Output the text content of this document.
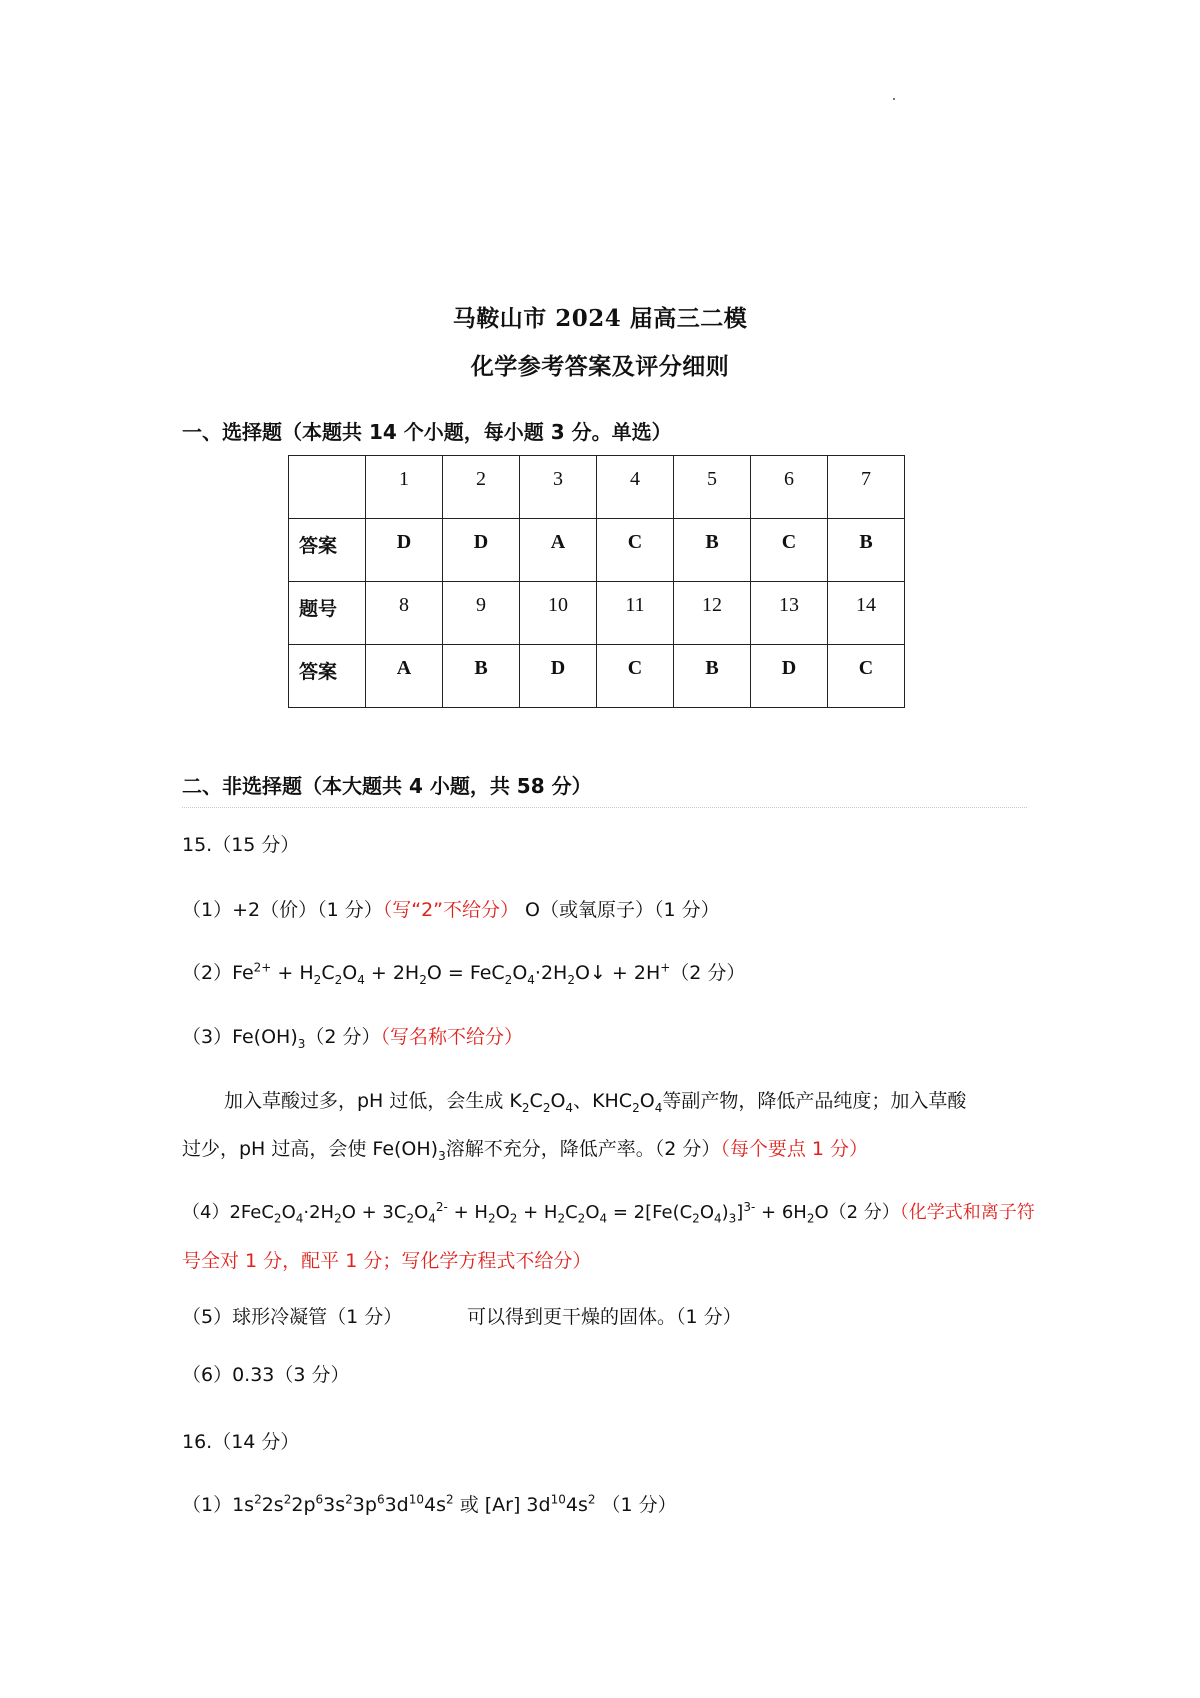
马鞍山市 2024 届高三二模
化学参考答案及评分细则
一、选择题（本题共 14 个小题，每小题 3 分。单选）
	1	2	3	4	5	6	7
答案	D	D	A	C	B	C	B
题号	8	9	10	11	12	13	14
答案	A	B	D	C	B	D	C
二、非选择题（本大题共 4 小题，共 58 分）
15.（15 分）
（1）+2（价）（1 分）（写“2”不给分） O（或氧原子）（1 分）
$(2)Fe^{2+} + H_2C_2O_4 + 2H_2O$ = $FeC_2O_4\cdot 2H_2O↓ + 2H^+(2$ 分）
$(3)Fe(OH)_3(2$ 分）（写名称不给分）
加入草酸过多，pH 过低，会生成 $K_2C_2O_4$、$KHC_2O_4$等副产物，降低产品纯度；加入草酸
过少，pH 过高，会使 $Fe(OH)_3$溶解不充分，降低产率。（2 分）（每个要点 1 分）
$(4)2FeC_2O_4\cdot 2H_2O + 3C_2O_4^{2-} + H_2O_2 + H_2C_2O_4 = 2[Fe(C_2O_4)_3]^{3-} + 6H_2O(2$ 分）（化学式和离子符
号全对 1 分，配平 1 分；写化学方程式不给分）
（5）球形冷凝管（1 分）	可以得到更干燥的固体。（1 分）
（6）0.33（3 分）
16.（14 分）
$(1)1s^22s^22p^63s^23p^63d^{10}4s^2$ 或 [Ar] $3d^{10}4s^2$ （1 分）
